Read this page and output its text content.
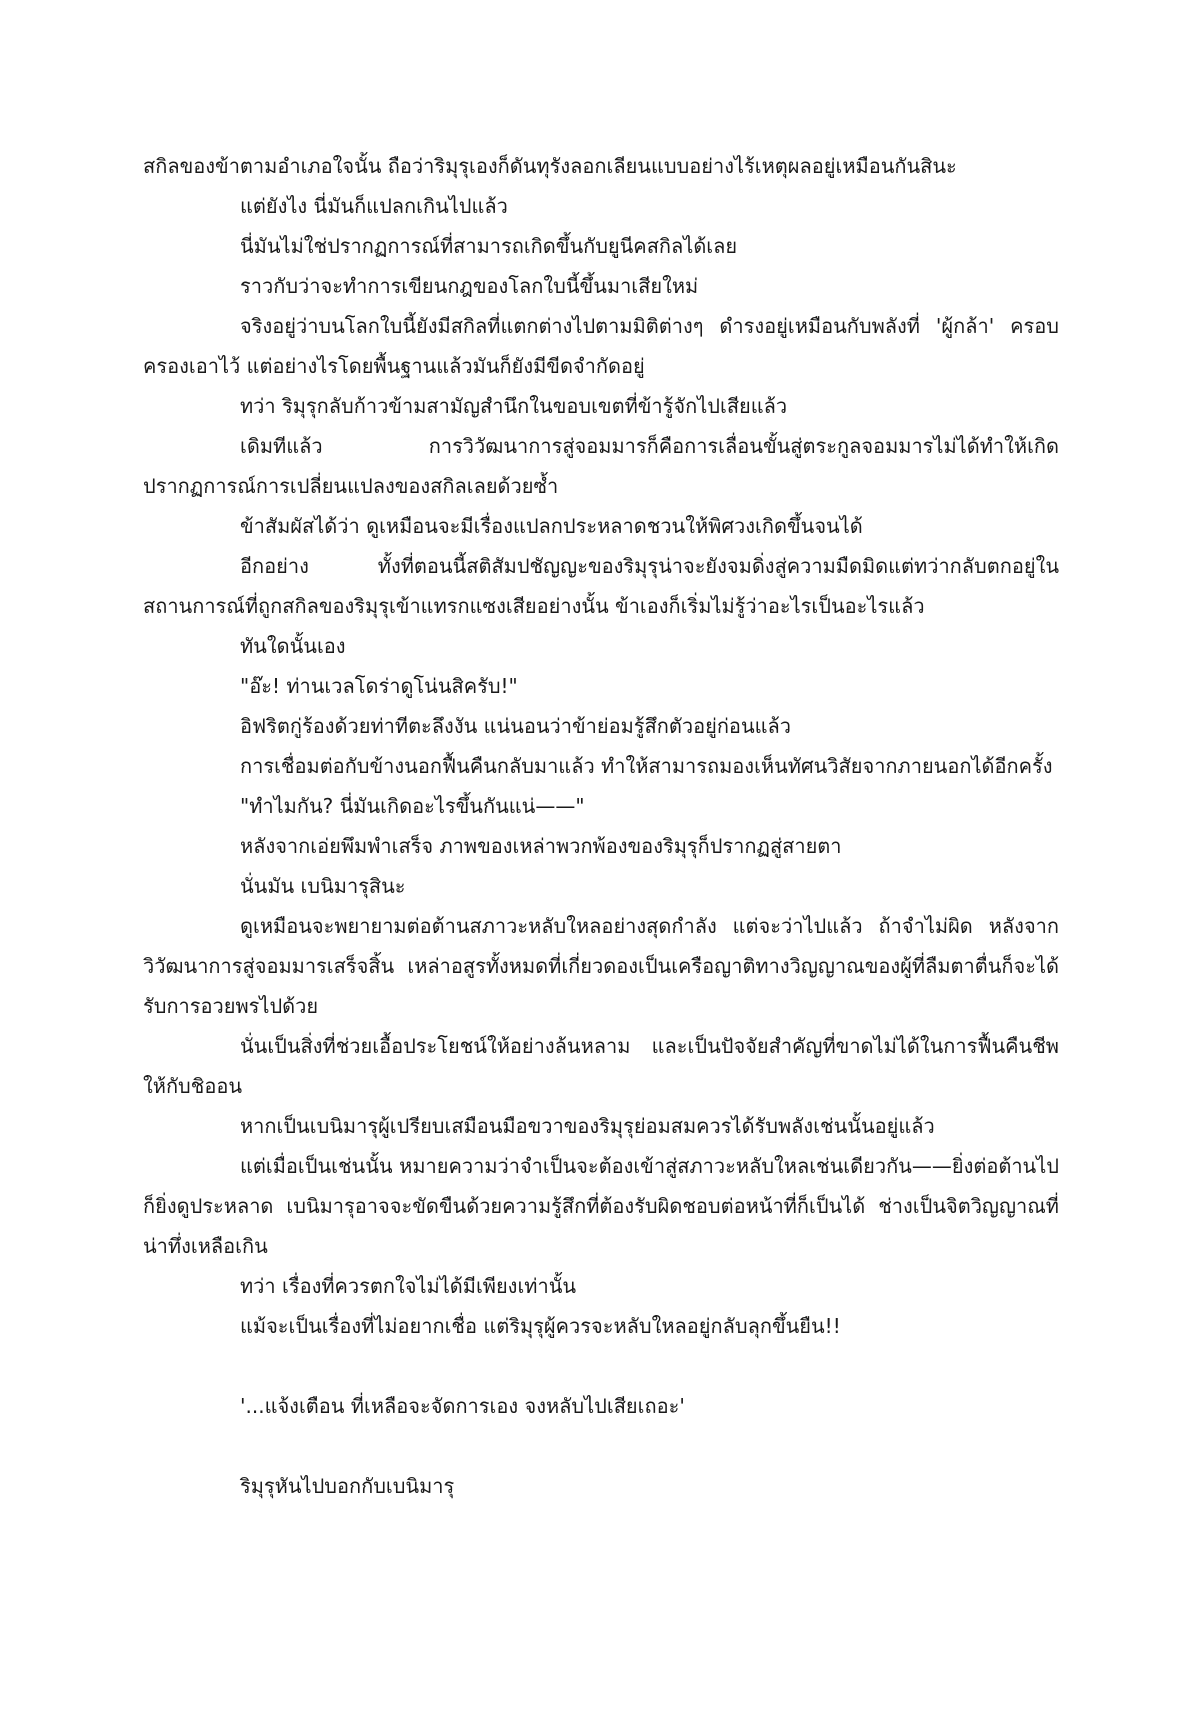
สกิลของข้าตามอำเภอใจนั้น ถือว่าริมุรุเองก็ดันทุรังลอกเลียนแบบอย่างไร้เหตุผลอยู่เหมือนกันสินะ

แต่ยังไง นี่มันก็แปลกเกินไปแล้ว

นี่มันไม่ใช่ปรากฏการณ์ที่สามารถเกิดขึ้นกับยูนีคสกิลได้เลย

ราวกับว่าจะทำการเขียนกฎของโลกใบนี้ขึ้นมาเสียใหม่

จริงอยู่ว่าบนโลกใบนี้ยังมีสกิลที่แตกต่างไปตามมิติต่างๆ ดำรงอยู่เหมือนกับพลังที่ 'ผู้กล้า' ครอบครองเอาไว้ แต่อย่างไรโดยพื้นฐานแล้วมันก็ยังมีขีดจำกัดอยู่

ทว่า ริมุรุกลับก้าวข้ามสามัญสำนึกในขอบเขตที่ข้ารู้จักไปเสียแล้ว

เดิมทีแล้ว การวิวัฒนาการสู่จอมมารก็คือการเลื่อนขั้นสู่ตระกูลจอมมารไม่ได้ทำให้เกิดปรากฏการณ์การเปลี่ยนแปลงของสกิลเลยด้วยซ้ำ

ข้าสัมผัสได้ว่า ดูเหมือนจะมีเรื่องแปลกประหลาดชวนให้พิศวงเกิดขึ้นจนได้

อีกอย่าง ทั้งที่ตอนนี้สติสัมปชัญญะของริมุรุน่าจะยังจมดิ่งสู่ความมืดมิดแต่ทว่ากลับตกอยู่ในสถานการณ์ที่ถูกสกิลของริมุรุเข้าแทรกแซงเสียอย่างนั้น ข้าเองก็เริ่มไม่รู้ว่าอะไรเป็นอะไรแล้ว

ทันใดนั้นเอง

"อ๊ะ! ท่านเวลโดร่าดูโน่นสิครับ!"

อิฟริตกู่ร้องด้วยท่าทีตะลึงงัน แน่นอนว่าข้าย่อมรู้สึกตัวอยู่ก่อนแล้ว

การเชื่อมต่อกับข้างนอกฟื้นคืนกลับมาแล้ว ทำให้สามารถมองเห็นทัศนวิสัยจากภายนอกได้อีกครั้ง

"ทำไมกัน? นี่มันเกิดอะไรขึ้นกันแน่——"

หลังจากเอ่ยพึมพำเสร็จ ภาพของเหล่าพวกพ้องของริมุรุก็ปรากฏสู่สายตา

นั่นมัน เบนิมารุสินะ

ดูเหมือนจะพยายามต่อต้านสภาวะหลับใหลอย่างสุดกำลัง แต่จะว่าไปแล้ว ถ้าจำไม่ผิด หลังจากวิวัฒนาการสู่จอมมารเสร็จสิ้น เหล่าอสูรทั้งหมดที่เกี่ยวดองเป็นเครือญาติทางวิญญาณของผู้ที่ลืมตาตื่นก็จะได้รับการอวยพรไปด้วย

นั่นเป็นสิ่งที่ช่วยเอื้อประโยชน์ให้อย่างล้นหลาม และเป็นปัจจัยสำคัญที่ขาดไม่ได้ในการฟื้นคืนชีพให้กับชิออน

หากเป็นเบนิมารุผู้เปรียบเสมือนมือขวาของริมุรุย่อมสมควรได้รับพลังเช่นนั้นอยู่แล้ว

แต่เมื่อเป็นเช่นนั้น หมายความว่าจำเป็นจะต้องเข้าสู่สภาวะหลับใหลเช่นเดียวกัน——ยิ่งต่อต้านไปก็ยิ่งดูประหลาด เบนิมารุอาจจะขัดขืนด้วยความรู้สึกที่ต้องรับผิดชอบต่อหน้าที่ก็เป็นได้ ช่างเป็นจิตวิญญาณที่น่าทึ่งเหลือเกิน

ทว่า เรื่องที่ควรตกใจไม่ได้มีเพียงเท่านั้น

แม้จะเป็นเรื่องที่ไม่อยากเชื่อ แต่ริมุรุผู้ควรจะหลับใหลอยู่กลับลุกขึ้นยืน!!

'...แจ้งเตือน ที่เหลือจะจัดการเอง จงหลับไปเสียเถอะ'

ริมุรุหันไปบอกกับเบนิมารุ
